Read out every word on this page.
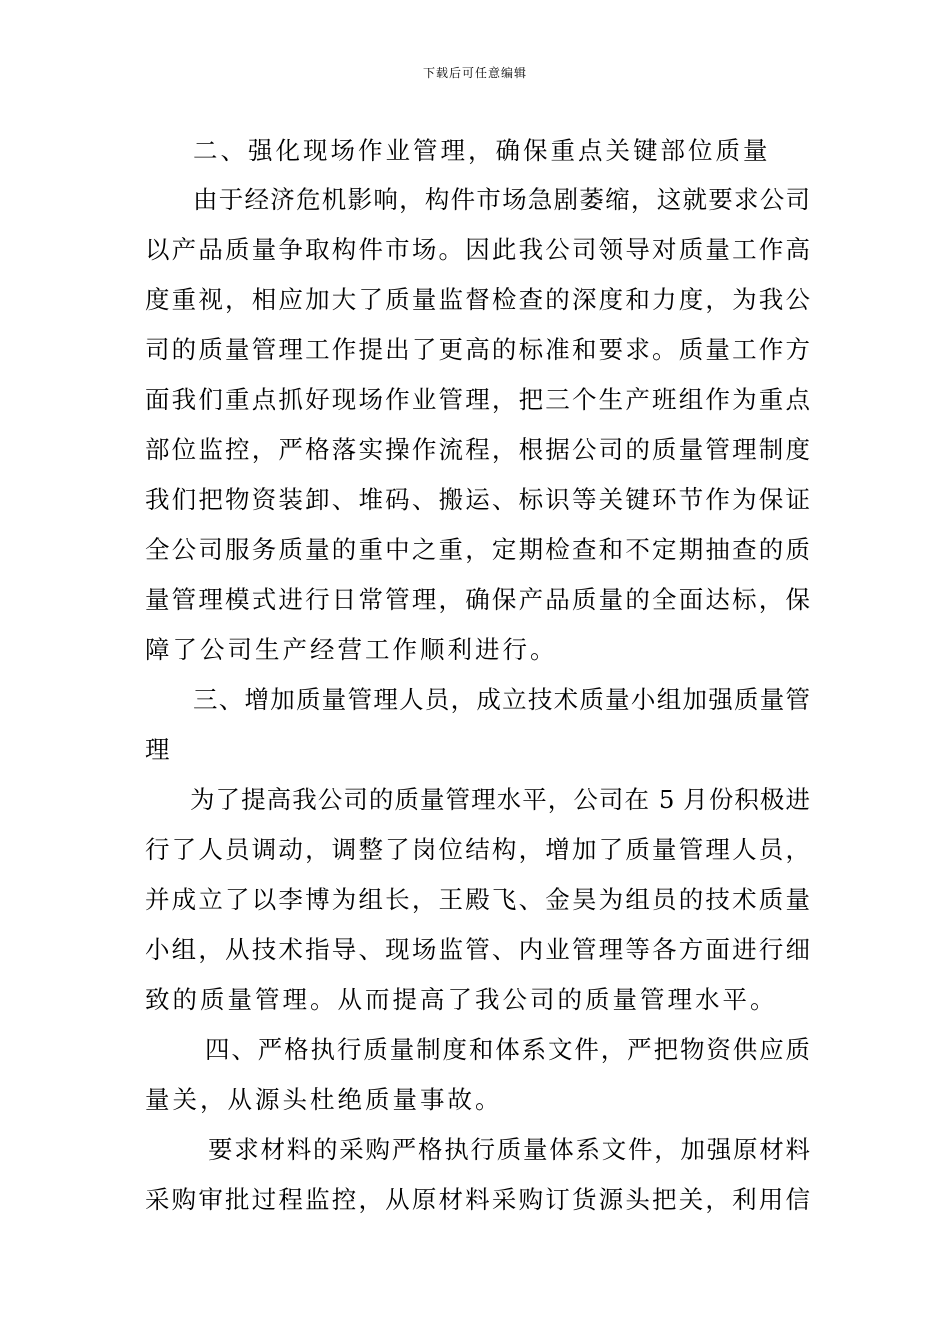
下载后可任意编辑
二、强化现场作业管理，确保重点关键部位质量
由于经济危机影响，构件市场急剧萎缩，这就要求公司
以产品质量争取构件市场。因此我公司领导对质量工作高
度重视，相应加大了质量监督检查的深度和力度，为我公
司的质量管理工作提出了更高的标准和要求。质量工作方
面我们重点抓好现场作业管理，把三个生产班组作为重点
部位监控，严格落实操作流程，根据公司的质量管理制度
我们把物资装卸、堆码、搬运、标识等关键环节作为保证
全公司服务质量的重中之重，定期检查和不定期抽查的质
量管理模式进行日常管理，确保产品质量的全面达标，保
障了公司生产经营工作顺利进行。
三、增加质量管理人员，成立技术质量小组加强质量管
理
为了提高我公司的质量管理水平，公司在 5 月份积极进
行了人员调动，调整了岗位结构，增加了质量管理人员，
并成立了以李博为组长，王殿飞、金昊为组员的技术质量
小组，从技术指导、现场监管、内业管理等各方面进行细
致的质量管理。从而提高了我公司的质量管理水平。
四、严格执行质量制度和体系文件，严把物资供应质
量关，从源头杜绝质量事故。
要求材料的采购严格执行质量体系文件，加强原材料
采购审批过程监控，从原材料采购订货源头把关，利用信
